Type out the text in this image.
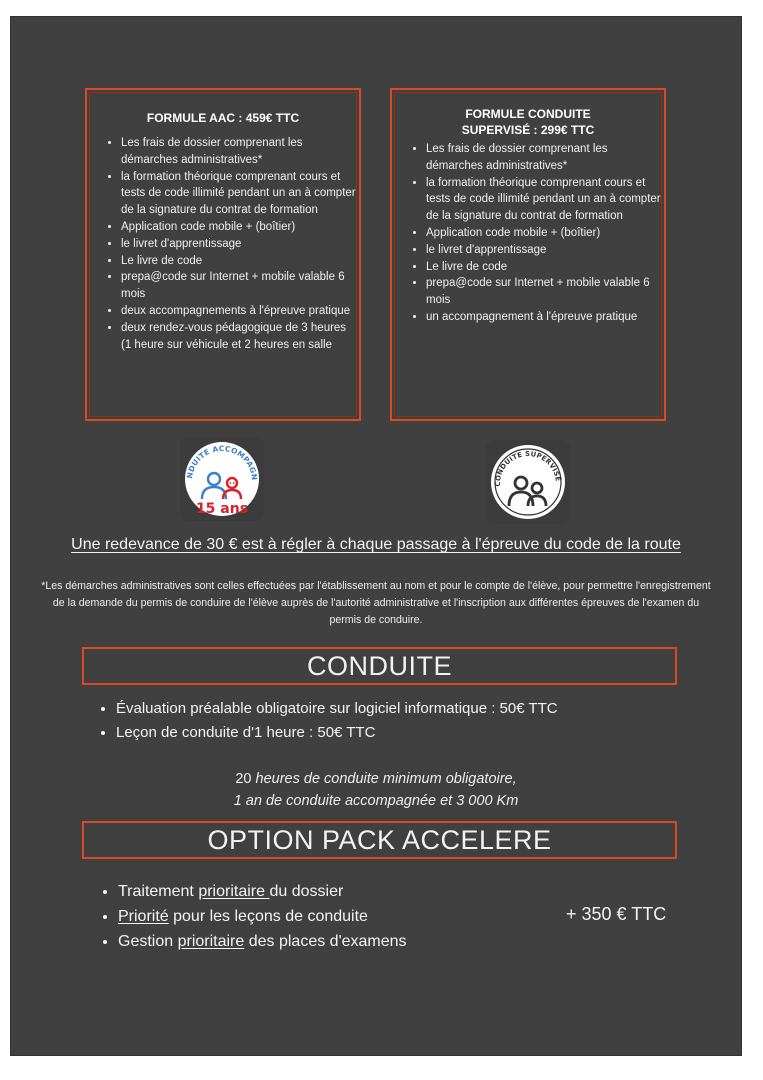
FORMULE AAC : 459€ TTC
• Les frais de dossier comprenant les démarches administratives*
• la formation théorique comprenant cours et tests de code illimité pendant un an à compter de la signature du contrat de formation
• Application code mobile + (boîtier)
• le livret d'apprentissage
• Le livre de code
• prepa@code sur Internet + mobile valable 6 mois
• deux accompagnements à l'épreuve pratique
• deux rendez-vous pédagogique de 3 heures (1 heure sur véhicule et 2 heures en salle
FORMULE CONDUITE
SUPERVISÉ : 299€ TTC
• Les frais de dossier comprenant les démarches administratives*
• la formation théorique comprenant cours et tests de code illimité pendant un an à compter de la signature du contrat de formation
• Application code mobile + (boîtier)
• le livret d'apprentissage
• Le livre de code
• prepa@code sur Internet + mobile valable 6 mois
• un accompagnement à l'épreuve pratique
NDUITE ACCOMPAGN
15 ans
CONDUITE SUPERVISÉ
Une redevance de 30 € est à régler à chaque passage à l'épreuve du code de la route
*Les démarches administratives sont celles effectuées par l'établissement au nom et pour le compte de l'élève, pour permettre l'enregistrement de la demande du permis de conduire de l'élève auprès de l'autorité administrative et l'inscription aux différentes épreuves de l'examen du permis de conduire.
CONDUITE
• Évaluation préalable obligatoire sur logiciel informatique : 50€ TTC
• Leçon de conduite d'1 heure : 50€ TTC
20 heures de conduite minimum obligatoire,
1 an de conduite accompagnée et 3 000 Km
OPTION PACK ACCELERE
• Traitement prioritaire du dossier
• Priorité pour les leçons de conduite
• Gestion prioritaire des places d'examens
+ 350 € TTC
